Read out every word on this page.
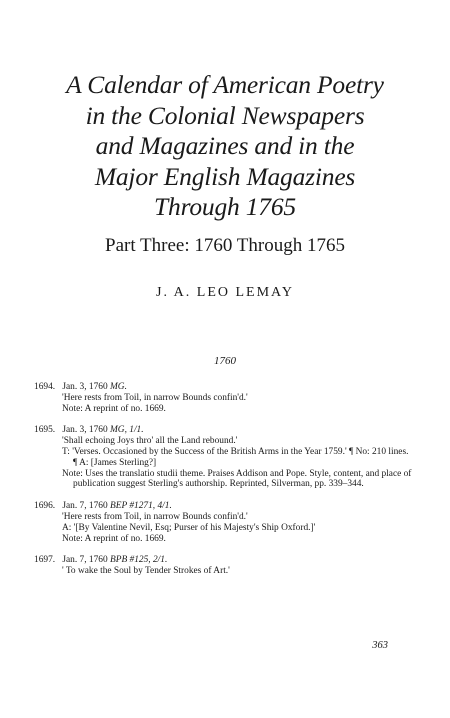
A Calendar of American Poetry
in the Colonial Newspapers
and Magazines and in the
Major English Magazines
Through 1765
Part Three: 1760 Through 1765
J. A. LEO LEMAY
1760
1694. Jan. 3, 1760 MG.
'Here rests from Toil, in narrow Bounds confin'd.'
Note: A reprint of no. 1669.
1695. Jan. 3, 1760 MG, 1/1.
'Shall echoing Joys thro' all the Land rebound.'
T: 'Verses. Occasioned by the Success of the British Arms in the Year 1759.' ¶ No: 210 lines. ¶ A: [James Sterling?]
Note: Uses the translatio studii theme. Praises Addison and Pope. Style, content, and place of publication suggest Sterling's authorship. Reprinted, Silverman, pp. 339–344.
1696. Jan. 7, 1760 BEP #1271, 4/1.
'Here rests from Toil, in narrow Bounds confin'd.'
A: '[By Valentine Nevil, Esq; Purser of his Majesty's Ship Oxford.]'
Note: A reprint of no. 1669.
1697. Jan. 7, 1760 BPB #125, 2/1.
' To wake the Soul by Tender Strokes of Art.'
363
